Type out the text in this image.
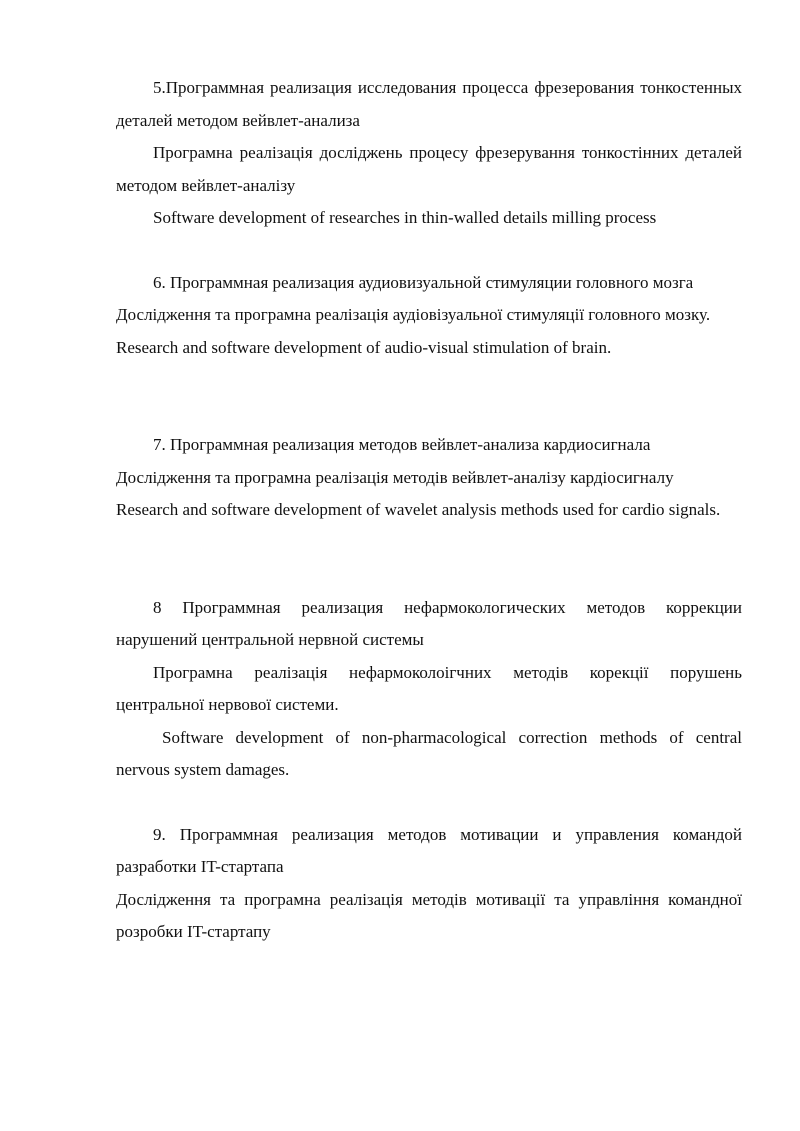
5.Программная реализация исследования процесса фрезерования тонкостенных деталей методом вейвлет-анализа

Програмна реалізація досліджень процесу фрезерування тонкостінних деталей методом вейвлет-аналізу

Software development of researches in thin-walled details milling process

6. Программная реализация аудиовизуальной стимуляции головного мозга

Дослідження та програмна реалізація аудіовізуальної стимуляції головного мозку.

Research and software development of audio-visual stimulation of brain.

7. Программная реализация методов вейвлет-анализа кардиосигнала

Дослідження та програмна реалізація методів вейвлет-аналізу кардіосигналу

Research and software development of wavelet analysis methods used for cardio signals.

8 Программная реализация нефармокологических методов коррекции нарушений центральной нервной системы

Програмна реалізація нефармоколоігчних методів корекції порушень центральної нервової системи.

Software development of non-pharmacological correction methods of central nervous system damages.

9. Программная реализация методов мотивации и управления командой разработки IT-стартапа

Дослідження та програмна реалізація методів мотивації та управління командної розробки IT-стартапу
